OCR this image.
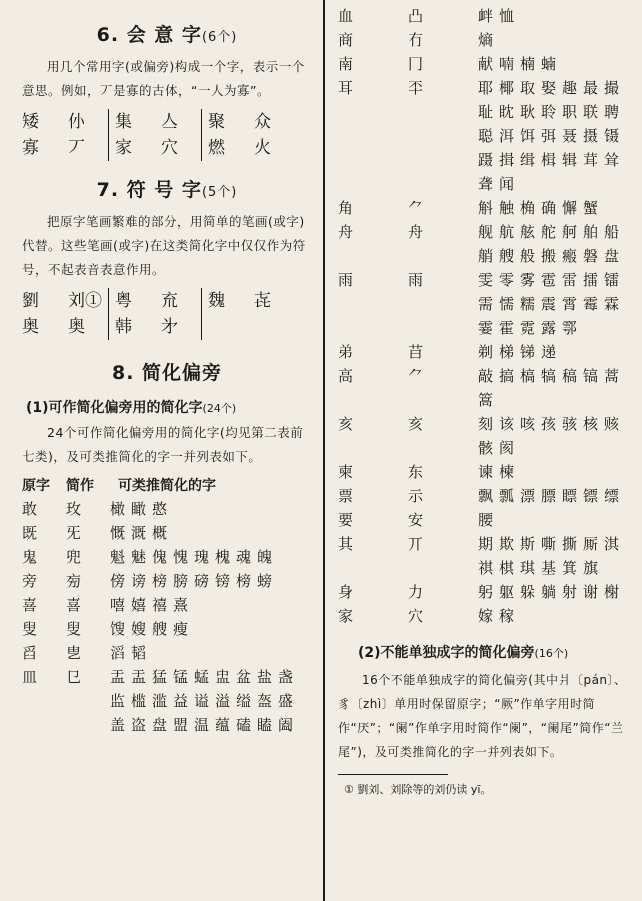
6. 会 意 字(6个)

用几个常用字(或偏旁)构成一个字，表示一个意思。例如，丆是寡的古体，“一人为寡”。

矮	仦	集	亼	聚	众
寡	丆	家	穴	燃	火
7. 符 号 字(5个)

把原字笔画繁难的部分，用简单的笔画(或字)代替。这些笔画(或字)在这类简化字中仅仅作为符号，不起表音表意作用。

劉	刘① 粤	㐬	魏	㐂
奥	奥	韩	㐧
8. 简化偏旁
(1)可作简化偏旁用的简化字(24个)

24个可作简化偏旁用的简化字(均见第二表前七类)，及可类推简化的字一并列表如下。

原字	简作	可类推简化的字
敢	玫	橄瞰憨
既	旡	慨溉概
鬼	兜	魁魅傀愧瑰槐魂魄
旁	㫄	傍谤榜膀磅镑榜螃
喜	喜	嘻嬉禧熹
叟	叟	馊嫂艘瘦
舀	㐕	滔韬
皿	㔾	盂盂猛锰蜢盅盆盐盏监槛滥益谥溢缢盔盛盖盗盘盟温蕴磕瞌阖
血	凸	衅恤
商	冇	熵
南	冂	献喃楠蝻
耳	㔻	耶椰取娶趣最撮耻眈耿聆职联聘聪洱饵弭聂摄镊蹑揖缉楫辑茸耸聋闻
角	⺈	斛触桷确懈蟹
舟	舟	舰航舷舵舸舶船艄艘般搬瘢磐盘
雨	雨	雯零雾雹雷擂镭需懦糯震霄霉霖霎霍霓露鄠
弟	䒤	剃梯锑递
高	⺈	敲搞槁犒稿镐蒿篙
亥	亥	刻该咳孩骇核赅骸阂
柬	东	谏楝
票	示	飘瓢漂膘瞟镖缥
要	安	腰
其	丌	期欺斯嘶撕厮淇祺棋琪基箕旗
身	力	躬躯躲躺射谢榭
家	穴	嫁稼
(2)不能单独成字的简化偏旁(16个)

16个不能单独成字的简化偏旁(其中爿〔pán〕、豸〔zhì〕单用时保留原字；“厥”作单字用时简作“厌”；“阑”作单字用时简作“阑”，“阑尾”简作“兰尾”)，及可类推简化的字一并列表如下。

① 劉刘、刘除等的刘仍读 yī。
